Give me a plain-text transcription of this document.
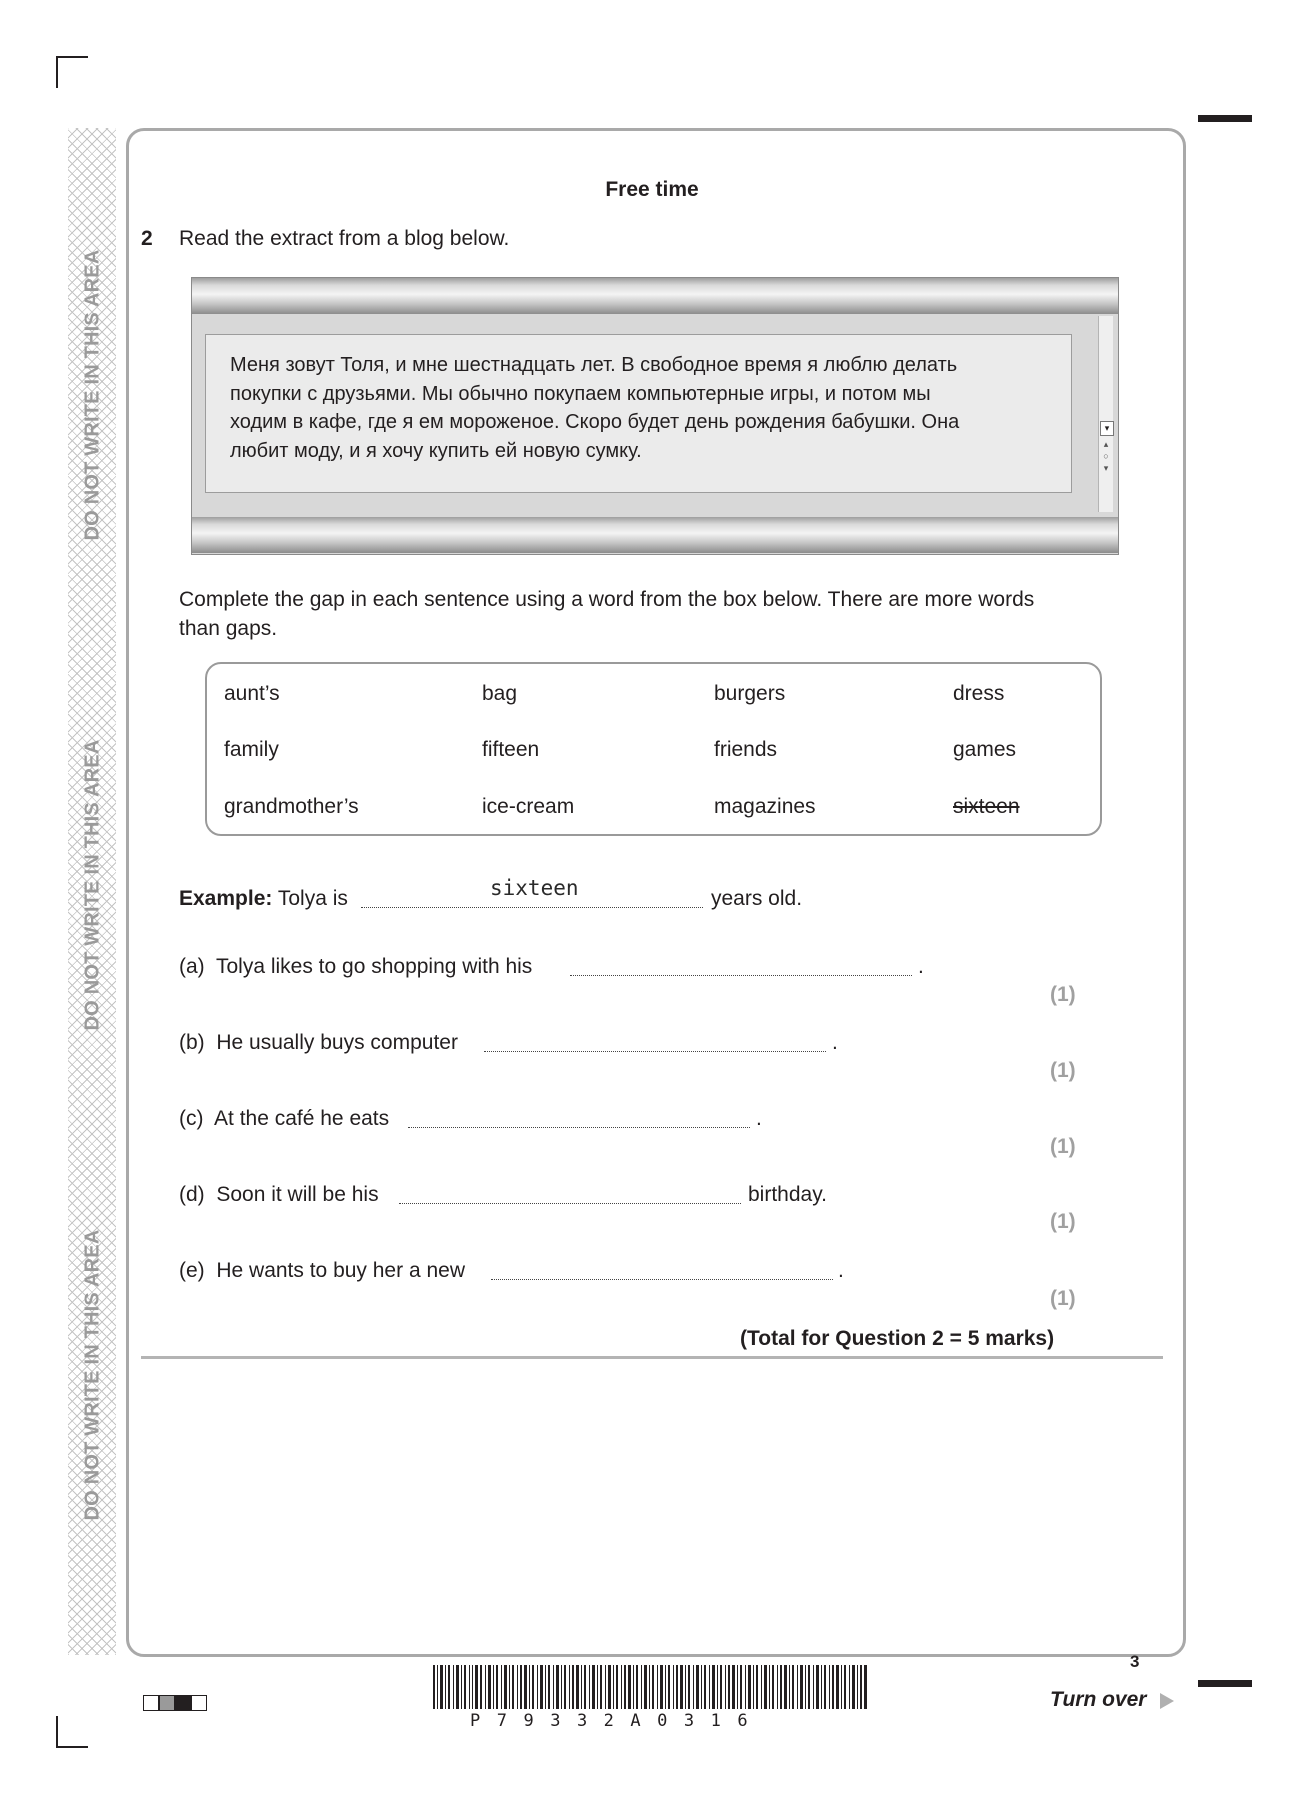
DO NOT WRITE IN THIS AREA
DO NOT WRITE IN THIS AREA
DO NOT WRITE IN THIS AREA
Free time
2 Read the extract from a blog below.
Меня зовут Толя, и мне шестнадцать лет. В свободное время я люблю делать
покупки с друзьями. Мы обычно покупаем компьютерные игры, и потом мы
ходим в кафе, где я ем мороженое. Скоро будет день рождения бабушки. Она
любит моду, и я хочу купить ей новую сумку.
▾
▴
○
▾
Complete the gap in each sentence using a word from the box below. There are more words than gaps.
aunt’s	bag	burgers	dress
family	fifteen	friends	games
grandmother’s	ice-cream	magazines	sixteen
Example: Tolya is	sixteen	years old.
(a) Tolya likes to go shopping with his	.
(1)
(b) He usually buys computer	.
(1)
(c) At the café he eats	.
(1)
(d) Soon it will be his	birthday.
(1)
(e) He wants to buy her a new	.
(1)
(Total for Question 2 = 5 marks)
3
Turn over
P79332A0316
